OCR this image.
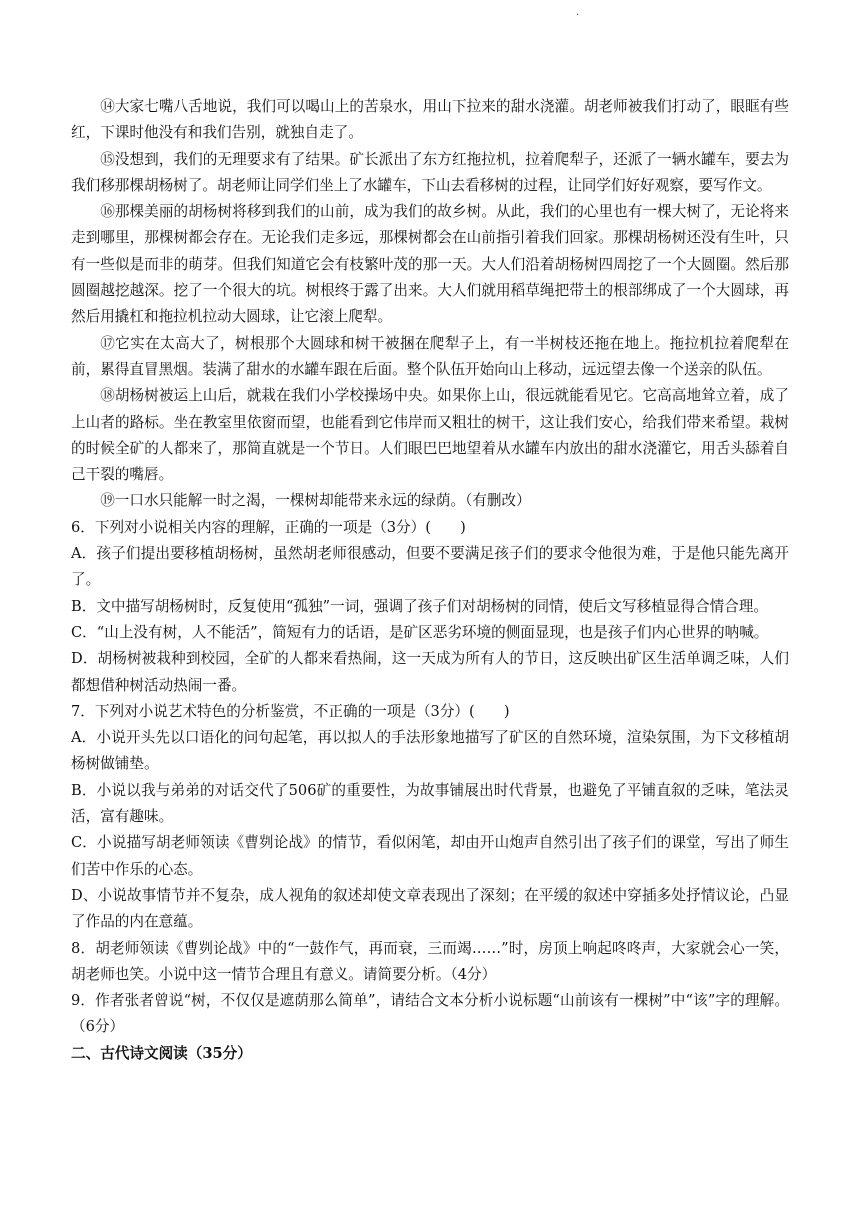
·

⑭大家七嘴八舌地说，我们可以喝山上的苦泉水，用山下拉来的甜水浇灌。胡老师被我们打动了，眼眶有些红，下课时他没有和我们告别，就独自走了。

⑮没想到，我们的无理要求有了结果。矿长派出了东方红拖拉机，拉着爬犁子，还派了一辆水罐车，要去为我们移那棵胡杨树了。胡老师让同学们坐上了水罐车，下山去看移树的过程，让同学们好好观察，要写作文。

⑯那棵美丽的胡杨树将移到我们的山前，成为我们的故乡树。从此，我们的心里也有一棵大树了，无论将来走到哪里，那棵树都会存在。无论我们走多远，那棵树都会在山前指引着我们回家。那棵胡杨树还没有生叶，只有一些似是而非的萌芽。但我们知道它会有枝繁叶茂的那一天。大人们沿着胡杨树四周挖了一个大圆圈。然后那圆圈越挖越深。挖了一个很大的坑。树根终于露了出来。大人们就用稻草绳把带土的根部绑成了一个大圆球，再然后用撬杠和拖拉机拉动大圆球，让它滚上爬犁。

⑰它实在太高大了，树根那个大圆球和树干被捆在爬犁子上，有一半树枝还拖在地上。拖拉机拉着爬犁在前，累得直冒黑烟。装满了甜水的水罐车跟在后面。整个队伍开始向山上移动，远远望去像一个送亲的队伍。

⑱胡杨树被运上山后，就栽在我们小学校操场中央。如果你上山，很远就能看见它。它高高地耸立着，成了上山者的路标。坐在教室里依窗而望，也能看到它伟岸而又粗壮的树干，这让我们安心，给我们带来希望。栽树的时候全矿的人都来了，那简直就是一个节日。人们眼巴巴地望着从水罐车内放出的甜水浇灌它，用舌头舔着自己干裂的嘴唇。

⑲一口水只能解一时之渴，一棵树却能带来永远的绿荫。（有删改）

6．下列对小说相关内容的理解，正确的一项是（3分）(　　)

A．孩子们提出要移植胡杨树，虽然胡老师很感动，但要不要满足孩子们的要求令他很为难，于是他只能先离开了。

B．文中描写胡杨树时，反复使用“孤独”一词，强调了孩子们对胡杨树的同情，使后文写移植显得合情合理。

C．“山上没有树，人不能活”，简短有力的话语，是矿区恶劣环境的侧面显现，也是孩子们内心世界的呐喊。

D．胡杨树被栽种到校园，全矿的人都来看热闹，这一天成为所有人的节日，这反映出矿区生活单调乏味，人们都想借种树活动热闹一番。

7．下列对小说艺术特色的分析鉴赏，不正确的一项是（3分）(　　)

A．小说开头先以口语化的问句起笔，再以拟人的手法形象地描写了矿区的自然环境，渲染氛围，为下文移植胡杨树做铺垫。

B．小说以我与弟弟的对话交代了506矿的重要性，为故事铺展出时代背景，也避免了平铺直叙的乏味，笔法灵活，富有趣味。

C．小说描写胡老师领读《曹刿论战》的情节，看似闲笔，却由开山炮声自然引出了孩子们的课堂，写出了师生们苦中作乐的心态。

D、小说故事情节并不复杂，成人视角的叙述却使文章表现出了深刻；在平缓的叙述中穿插多处抒情议论，凸显了作品的内在意蕴。

8．胡老师领读《曹刿论战》中的“一鼓作气，再而衰，三而竭……”时，房顶上响起咚咚声，大家就会心一笑，胡老师也笑。小说中这一情节合理且有意义。请简要分析。（4分）

9．作者张者曾说“树，不仅仅是遮荫那么简单”，请结合文本分析小说标题“山前该有一棵树”中“该”字的理解。（6分）

二、古代诗文阅读（35分）
